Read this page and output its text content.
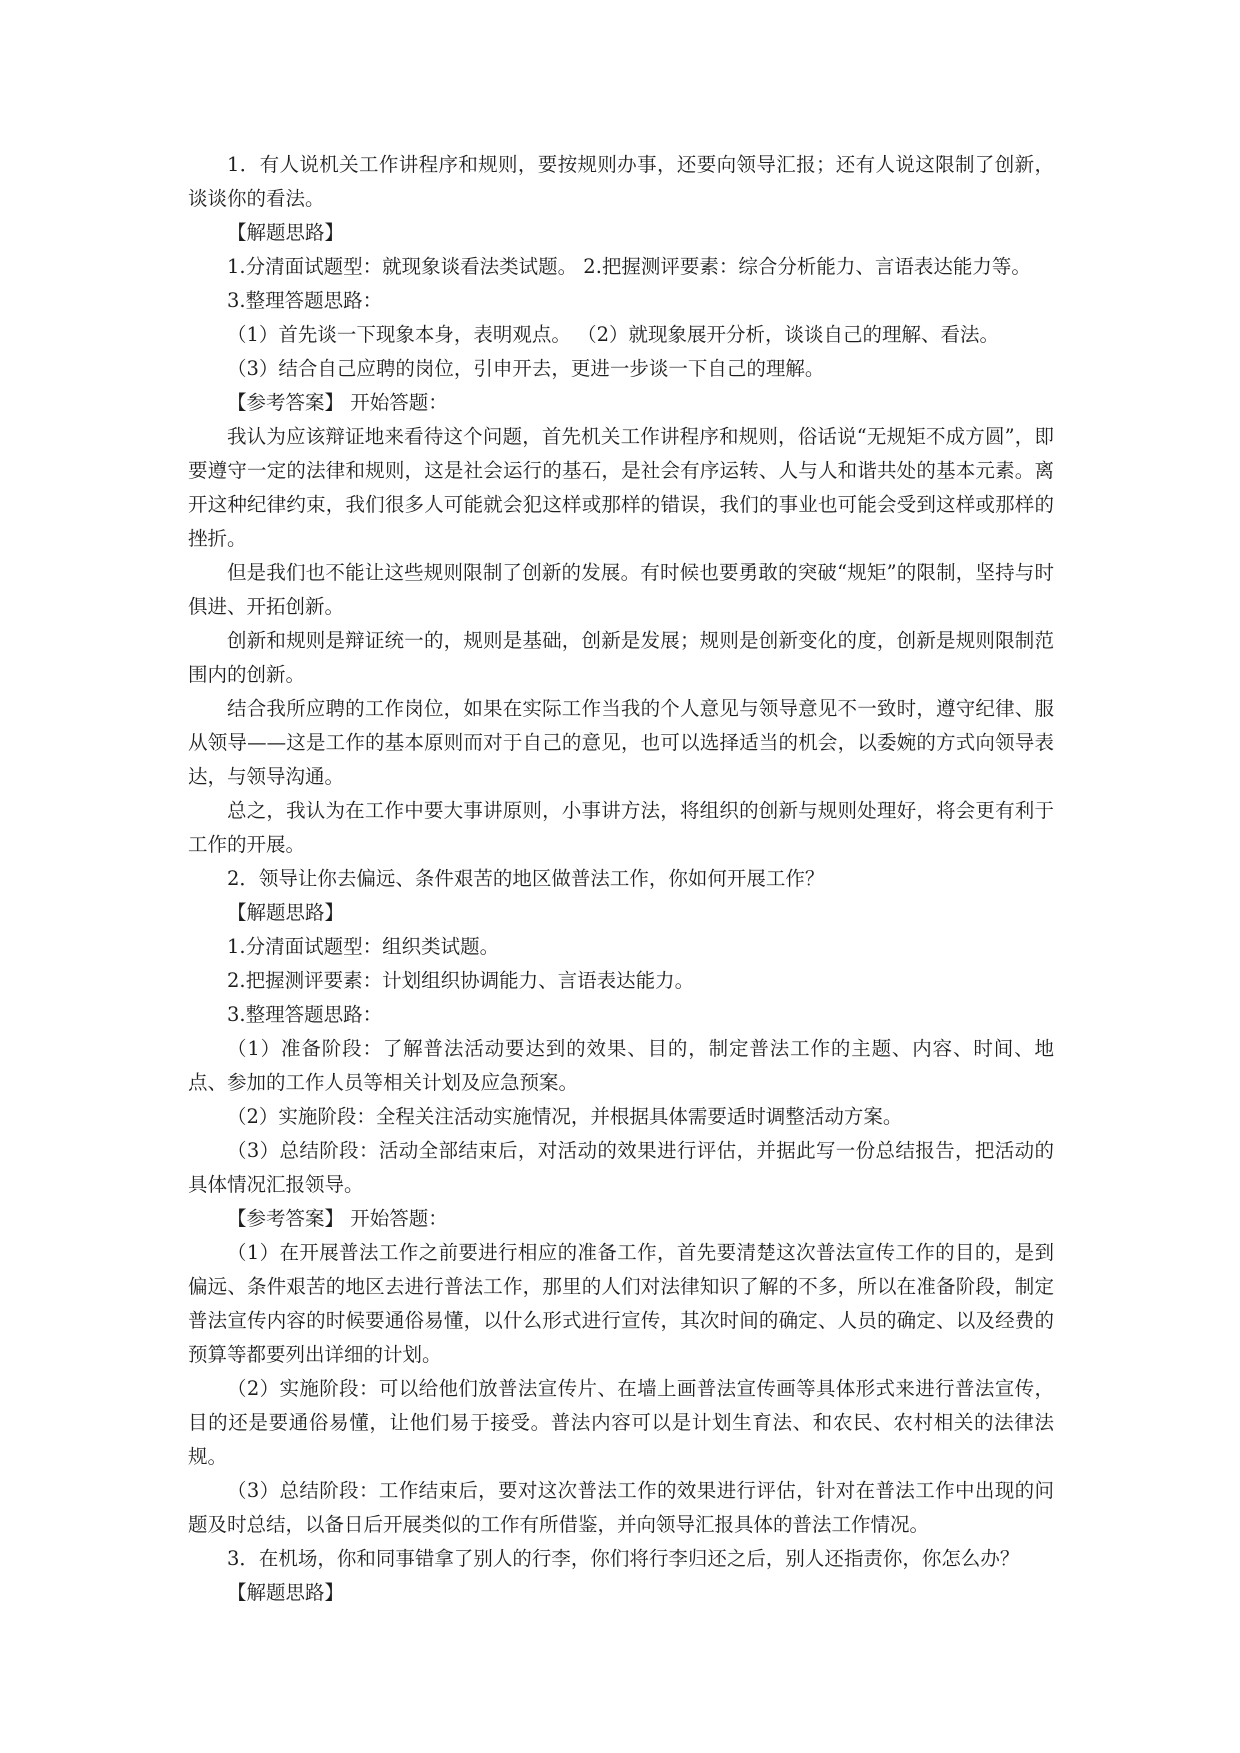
1．有人说机关工作讲程序和规则，要按规则办事，还要向领导汇报；还有人说这限制了创新，谈谈你的看法。

【解题思路】

1.分清面试题型：就现象谈看法类试题。 2.把握测评要素：综合分析能力、言语表达能力等。

3.整理答题思路：

（1）首先谈一下现象本身，表明观点。 （2）就现象展开分析，谈谈自己的理解、看法。

（3）结合自己应聘的岗位，引申开去，更进一步谈一下自己的理解。

【参考答案】 开始答题：

我认为应该辩证地来看待这个问题，首先机关工作讲程序和规则，俗话说“无规矩不成方圆”，即要遵守一定的法律和规则，这是社会运行的基石，是社会有序运转、人与人和谐共处的基本元素。离开这种纪律约束，我们很多人可能就会犯这样或那样的错误，我们的事业也可能会受到这样或那样的挫折。

但是我们也不能让这些规则限制了创新的发展。有时候也要勇敢的突破“规矩”的限制，坚持与时俱进、开拓创新。

创新和规则是辩证统一的，规则是基础，创新是发展；规则是创新变化的度，创新是规则限制范围内的创新。

结合我所应聘的工作岗位，如果在实际工作当我的个人意见与领导意见不一致时，遵守纪律、服从领导——这是工作的基本原则而对于自己的意见，也可以选择适当的机会，以委婉的方式向领导表达，与领导沟通。

总之，我认为在工作中要大事讲原则，小事讲方法，将组织的创新与规则处理好，将会更有利于工作的开展。

2．领导让你去偏远、条件艰苦的地区做普法工作，你如何开展工作？

【解题思路】

1.分清面试题型：组织类试题。

2.把握测评要素：计划组织协调能力、言语表达能力。

3.整理答题思路：

（1）准备阶段：了解普法活动要达到的效果、目的，制定普法工作的主题、内容、时间、地点、参加的工作人员等相关计划及应急预案。

（2）实施阶段：全程关注活动实施情况，并根据具体需要适时调整活动方案。

（3）总结阶段：活动全部结束后，对活动的效果进行评估，并据此写一份总结报告，把活动的具体情况汇报领导。

【参考答案】 开始答题：

（1）在开展普法工作之前要进行相应的准备工作，首先要清楚这次普法宣传工作的目的，是到偏远、条件艰苦的地区去进行普法工作，那里的人们对法律知识了解的不多，所以在准备阶段，制定普法宣传内容的时候要通俗易懂，以什么形式进行宣传，其次时间的确定、人员的确定、以及经费的预算等都要列出详细的计划。

（2）实施阶段：可以给他们放普法宣传片、在墙上画普法宣传画等具体形式来进行普法宣传，目的还是要通俗易懂，让他们易于接受。普法内容可以是计划生育法、和农民、农村相关的法律法规。

（3）总结阶段：工作结束后，要对这次普法工作的效果进行评估，针对在普法工作中出现的问题及时总结，以备日后开展类似的工作有所借鉴，并向领导汇报具体的普法工作情况。

3．在机场，你和同事错拿了别人的行李，你们将行李归还之后，别人还指责你，你怎么办？

【解题思路】
